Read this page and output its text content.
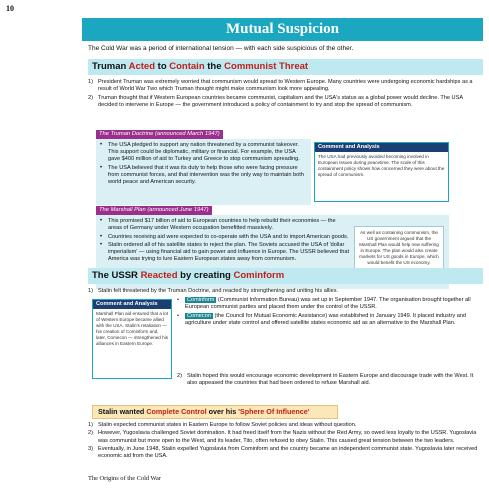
10
Mutual Suspicion
The Cold War was a period of international tension — with each side suspicious of the other.
Truman Acted to Contain the Communist Threat
1) President Truman was extremely worried that communism would spread to Western Europe. Many countries were undergoing economic hardships as a result of World War Two which Truman thought might make communism look more appealing.
2) Truman thought that if Western European countries became communist, capitalism and the USA's status as a global power would decline. The USA decided to intervene in Europe — the government introduced a policy of containment to try and stop the spread of communism.
The Truman Doctrine (announced March 1947)
•	The USA pledged to support any nation threatened by a communist takeover. This support could be diplomatic, military or financial. For example, the USA gave $400 million of aid to Turkey and Greece to stop communism spreading.
•	The USA believed that it was its duty to help those who were facing pressure from communist forces, and that intervention was the only way to maintain both world peace and American security.
Comment and Analysis
The USA had previously avoided becoming involved in European issues during peacetime. The scale of this containment policy shows how concerned they were about the spread of communism.
The Marshall Plan (announced June 1947)
•	This promised $17 billion of aid to European countries to help rebuild their economies — the areas of Germany under Western occupation benefitted massively.
•	Countries receiving aid were expected to co-operate with the USA and to import American goods.
•	Stalin ordered all of his satellite states to reject the plan. The Soviets accused the USA of 'dollar imperialism' — using financial aid to gain power and influence in Europe. The USSR believed that America was trying to lure Eastern European states away from communism.
As well as containing communism, the US government argued that the Marshall Plan would help new suffering in Europe. The plan would also create markets for US goods in Europe, which would benefit the US economy.
The USSR Reacted by creating Cominform
1) Stalin felt threatened by the Truman Doctrine, and reacted by strengthening and uniting his allies.
Comment and Analysis
Marshall Plan aid ensured that a lot of Western Europe became allied with the USA. Stalin's retaliation — his creation of Cominform and, later, Comecon — strengthened his alliances in Eastern Europe.
•	Cominform (Communist Information Bureau) was set up in September 1947. The organisation brought together all European communist parties and placed them under the control of the USSR.
•	Comecon (the Council for Mutual Economic Assistance) was established in January 1949. It placed industry and agriculture under state control and offered satellite states economic aid as an alternative to the Marshall Plan.
2) Stalin hoped this would encourage economic development in Eastern Europe and discourage trade with the West. It also appeased the countries that had been ordered to refuse Marshall aid.
Stalin wanted Complete Control over his 'Sphere Of Influence'
1) Stalin expected communist states in Eastern Europe to follow Soviet policies and ideas without question.
2) However, Yugoslavia challenged Soviet domination. It had freed itself from the Nazis without the Red Army, so owed less loyalty to the USSR. Yugoslavia was communist but more open to the West, and its leader, Tito, often refused to obey Stalin. This caused great tension between the two leaders.
3) Eventually, in June 1948, Stalin expelled Yugoslavia from Cominform and the country became an independent communist state. Yugoslavia later received economic aid from the USA.
The Origins of the Cold War
